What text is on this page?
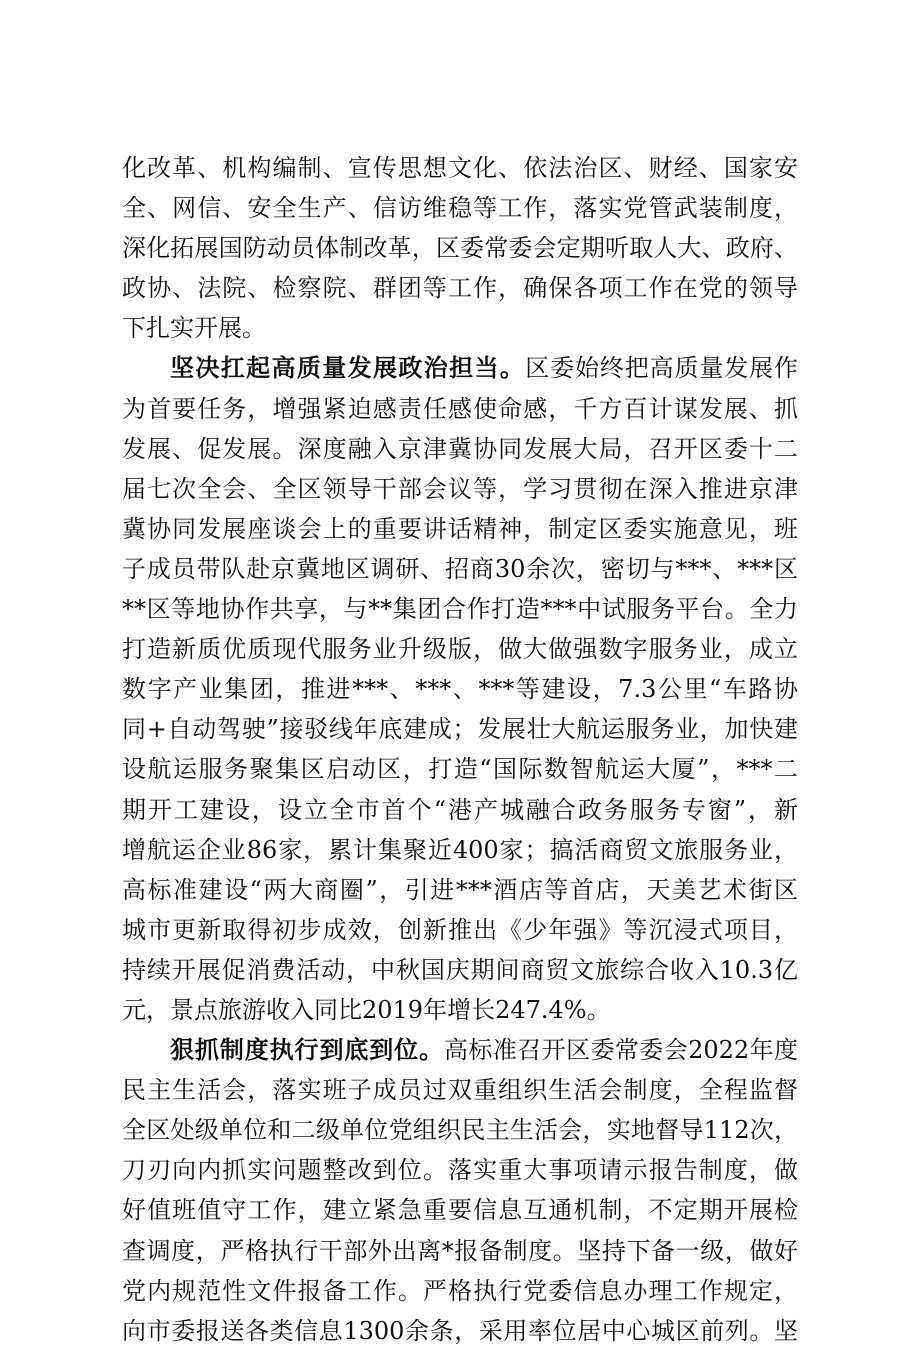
化改革、机构编制、宣传思想文化、依法治区、财经、国家安
全、网信、安全生产、信访维稳等工作，落实党管武装制度，
深化拓展国防动员体制改革，区委常委会定期听取人大、政府、
政协、法院、检察院、群团等工作，确保各项工作在党的领导
下扎实开展。
坚决扛起高质量发展政治担当。区委始终把高质量发展作
为首要任务，增强紧迫感责任感使命感，千方百计谋发展、抓
发展、促发展。深度融入京津冀协同发展大局，召开区委十二
届七次全会、全区领导干部会议等，学习贯彻在深入推进京津
冀协同发展座谈会上的重要讲话精神，制定区委实施意见，班
子成员带队赴京冀地区调研、招商30余次，密切与***、***区
**区等地协作共享，与**集团合作打造***中试服务平台。全力
打造新质优质现代服务业升级版，做大做强数字服务业，成立
数字产业集团，推进***、***、***等建设，7.3公里“车路协
同+自动驾驶”接驳线年底建成；发展壮大航运服务业，加快建
设航运服务聚集区启动区，打造“国际数智航运大厦”，***二
期开工建设，设立全市首个“港产城融合政务服务专窗”，新
增航运企业86家，累计集聚近400家；搞活商贸文旅服务业，
高标准建设“两大商圈”，引进***酒店等首店，天美艺术街区
城市更新取得初步成效，创新推出《少年强》等沉浸式项目，
持续开展促消费活动，中秋国庆期间商贸文旅综合收入10.3亿
元，景点旅游收入同比2019年增长247.4%。
狠抓制度执行到底到位。高标准召开区委常委会2022年度
民主生活会，落实班子成员过双重组织生活会制度，全程监督
全区处级单位和二级单位党组织民主生活会，实地督导112次，
刀刃向内抓实问题整改到位。落实重大事项请示报告制度，做
好值班值守工作，建立紧急重要信息互通机制，不定期开展检
查调度，严格执行干部外出离*报备制度。坚持下备一级，做好
党内规范性文件报备工作。严格执行党委信息办理工作规定，
向市委报送各类信息1300余条，采用率位居中心城区前列。坚
